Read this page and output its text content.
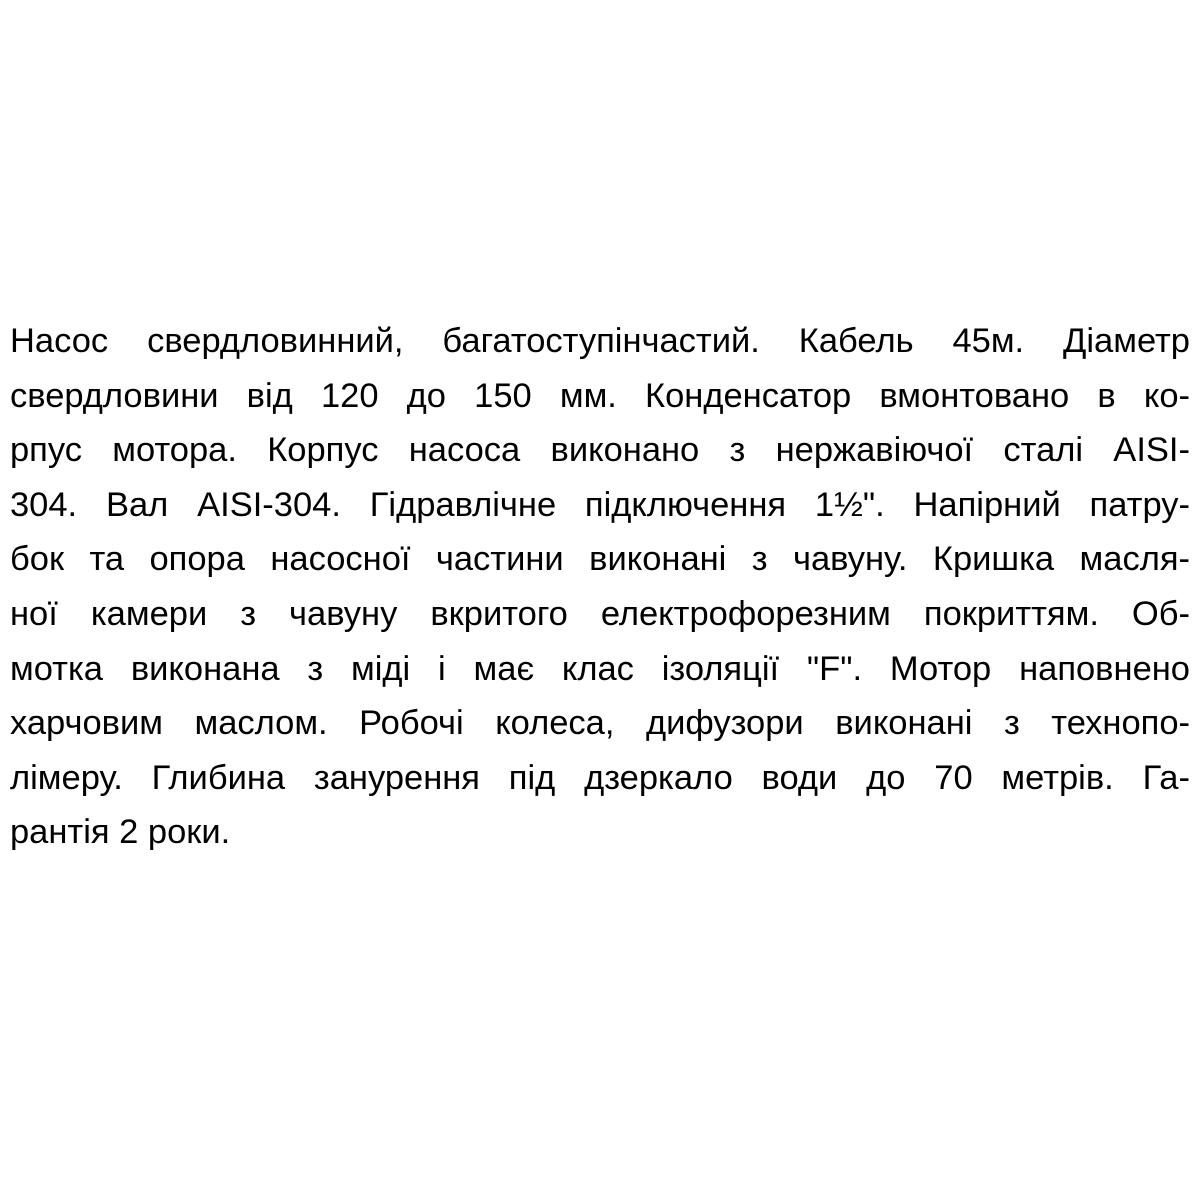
Насос свердловинний, багатоступінчастий. Кабель 45м. Діаметр
свердловини від 120 до 150 мм. Конденсатор вмонтовано в ко-
рпус мотора. Корпус насоса виконано з нержавіючої сталі AISI-
304. Вал AISI-304. Гідравлічне підключення 1½". Напірний патру-
бок та опора насосної частини виконані з чавуну. Кришка масля-
ної камери з чавуну вкритого електрофорезним покриттям. Об-
мотка виконана з міді і має клас ізоляції "F". Мотор наповнено
харчовим маслом. Робочі колеса, дифузори виконані з технопо-
лімеру. Глибина занурення під дзеркало води до 70 метрів. Га-
рантія 2 роки.
